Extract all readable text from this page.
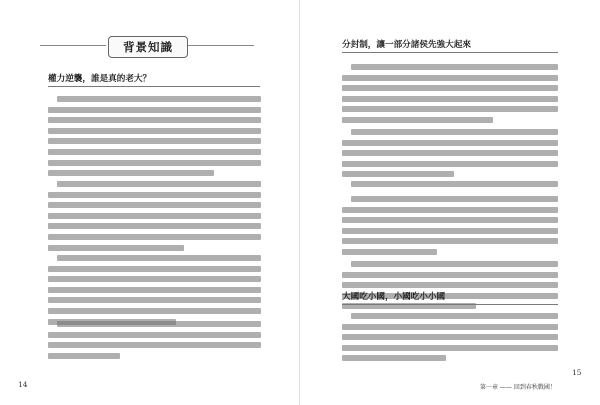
背景知識
權力逆襲，誰是真的老大？
14
分封制，讓一部分諸侯先強大起來
大國吃小國，小國吃小小國
第一章 —— 回到春秋戰國！
15
